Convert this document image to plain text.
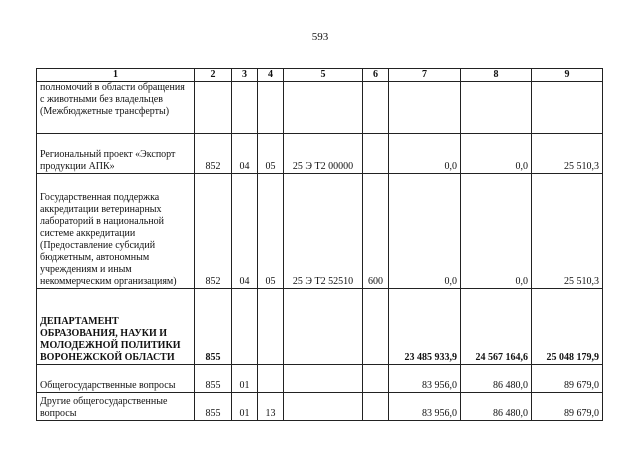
593
1	2	3	4	5	6	7	8	9
полномочий в области обращения с животными без владельцев (Межбюджетные трансферты)								
Региональный проект «Экспорт продукции АПК»	852	04	05	25 Э Т2 00000		0,0	0,0	25 510,3
Государственная поддержка аккредитации ветеринарных лабораторий в национальной системе аккредитации (Предоставление субсидий бюджетным, автономным учреждениям и иным некоммерческим организациям)	852	04	05	25 Э Т2 52510	600	0,0	0,0	25 510,3
ДЕПАРТАМЕНТ ОБРАЗОВАНИЯ, НАУКИ И МОЛОДЕЖНОЙ ПОЛИТИКИ ВОРОНЕЖСКОЙ ОБЛАСТИ	855					23 485 933,9	24 567 164,6	25 048 179,9
Общегосударственные вопросы	855	01				83 956,0	86 480,0	89 679,0
Другие общегосударственные вопросы	855	01	13			83 956,0	86 480,0	89 679,0
